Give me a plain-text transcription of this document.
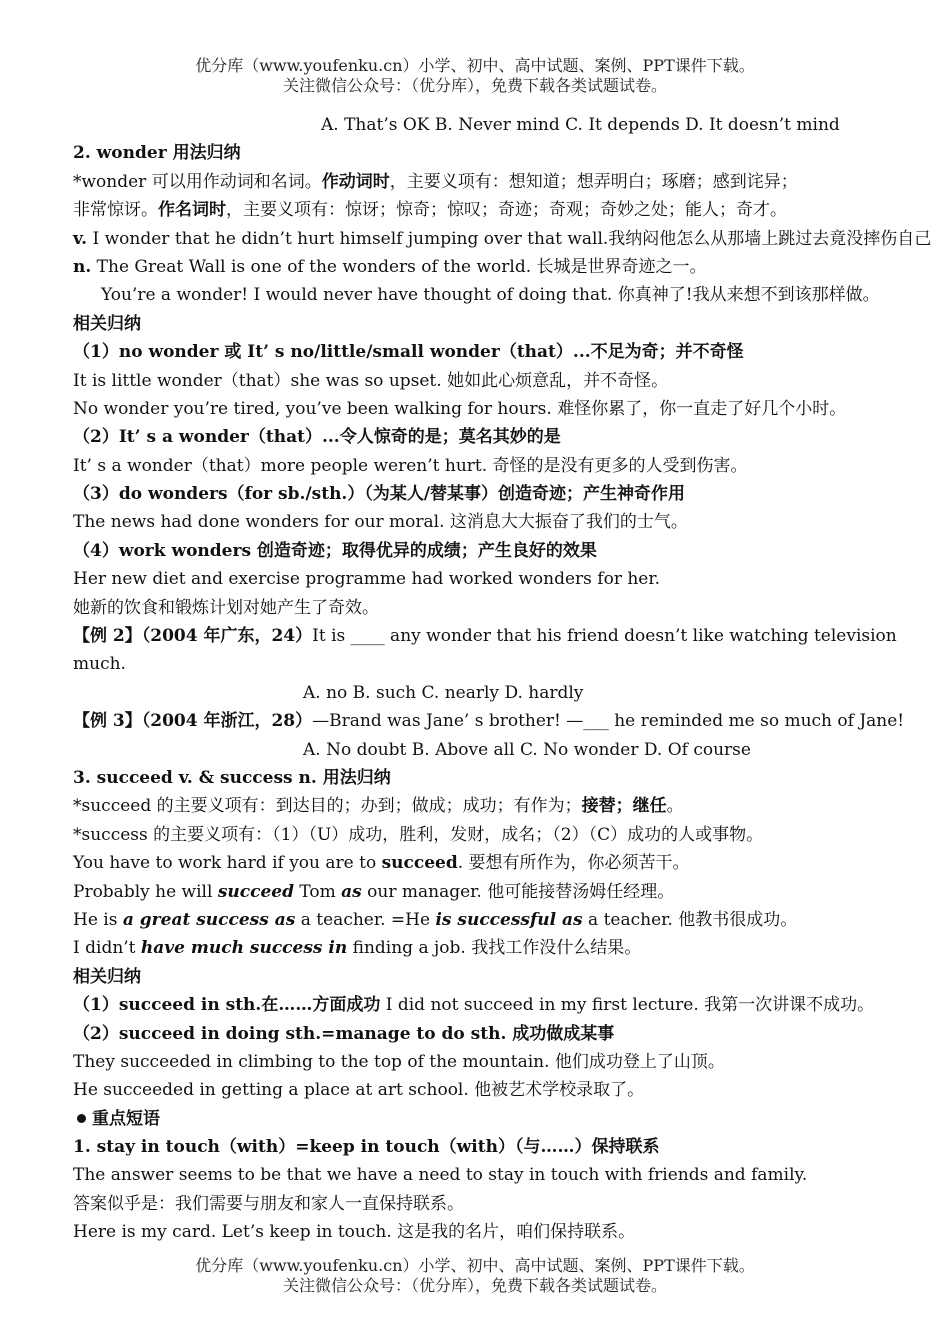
优分库（www.youfenku.cn）小学、初中、高中试题、案例、PPT课件下载。
关注微信公众号：（优分库），免费下载各类试题试卷。
A. That’s OK B. Never mind C. It depends D. It doesn’t mind
2. wonder 用法归纳
*wonder 可以用作动词和名词。作动词时，主要义项有：想知道；想弄明白；琢磨；感到诧异；
非常惊讶。作名词时，主要义项有：惊讶；惊奇；惊叹；奇迹；奇观；奇妙之处；能人；奇才。
v. I wonder that he didn’t hurt himself jumping over that wall.我纳闷他怎么从那墙上跳过去竟没摔伤自己
n. The Great Wall is one of the wonders of the world. 长城是世界奇迹之一。
You’re a wonder! I would never have thought of doing that. 你真神了!我从来想不到该那样做。
相关归纳
（1）no wonder 或 It’ s no/little/small wonder（that）...不足为奇；并不奇怪
It is little wonder（that）she was so upset. 她如此心烦意乱，并不奇怪。
No wonder you’re tired, you’ve been walking for hours. 难怪你累了，你一直走了好几个小时。
（2）It’ s a wonder（that）...令人惊奇的是；莫名其妙的是
It’ s a wonder（that）more people weren’t hurt. 奇怪的是没有更多的人受到伤害。
（3）do wonders（for sb./sth.）（为某人/替某事）创造奇迹；产生神奇作用
The news had done wonders for our moral. 这消息大大振奋了我们的士气。
（4）work wonders 创造奇迹；取得优异的成绩；产生良好的效果
Her new diet and exercise programme had worked wonders for her.
她新的饮食和锻炼计划对她产生了奇效。
【例 2】（2004 年广东，24）It is ____ any wonder that his friend doesn’t like watching television
much.
A. no B. such C. nearly D. hardly
【例 3】（2004 年浙江，28）—Brand was Jane’ s brother! —___ he reminded me so much of Jane!
A. No doubt B. Above all C. No wonder D. Of course
3. succeed v. & success n. 用法归纳
*succeed 的主要义项有：到达目的；办到；做成；成功；有作为；接替；继任。
*success 的主要义项有：（1）（U）成功，胜利，发财，成名；（2）（C）成功的人或事物。
You have to work hard if you are to succeed. 要想有所作为，你必须苦干。
Probably he will succeed Tom as our manager. 他可能接替汤姆任经理。
He is a great success as a teacher. =He is successful as a teacher. 他教书很成功。
I didn’t have much success in finding a job. 我找工作没什么结果。
相关归纳
（1）succeed in sth.在……方面成功 I did not succeed in my first lecture. 我第一次讲课不成功。
（2）succeed in doing sth.=manage to do sth. 成功做成某事
They succeeded in climbing to the top of the mountain. 他们成功登上了山顶。
He succeeded in getting a place at art school. 他被艺术学校录取了。
重点短语
1. stay in touch（with）=keep in touch（with）（与……）保持联系
The answer seems to be that we have a need to stay in touch with friends and family.
答案似乎是：我们需要与朋友和家人一直保持联系。
Here is my card. Let’s keep in touch. 这是我的名片，咱们保持联系。
优分库（www.youfenku.cn）小学、初中、高中试题、案例、PPT课件下载。
关注微信公众号：（优分库），免费下载各类试题试卷。
